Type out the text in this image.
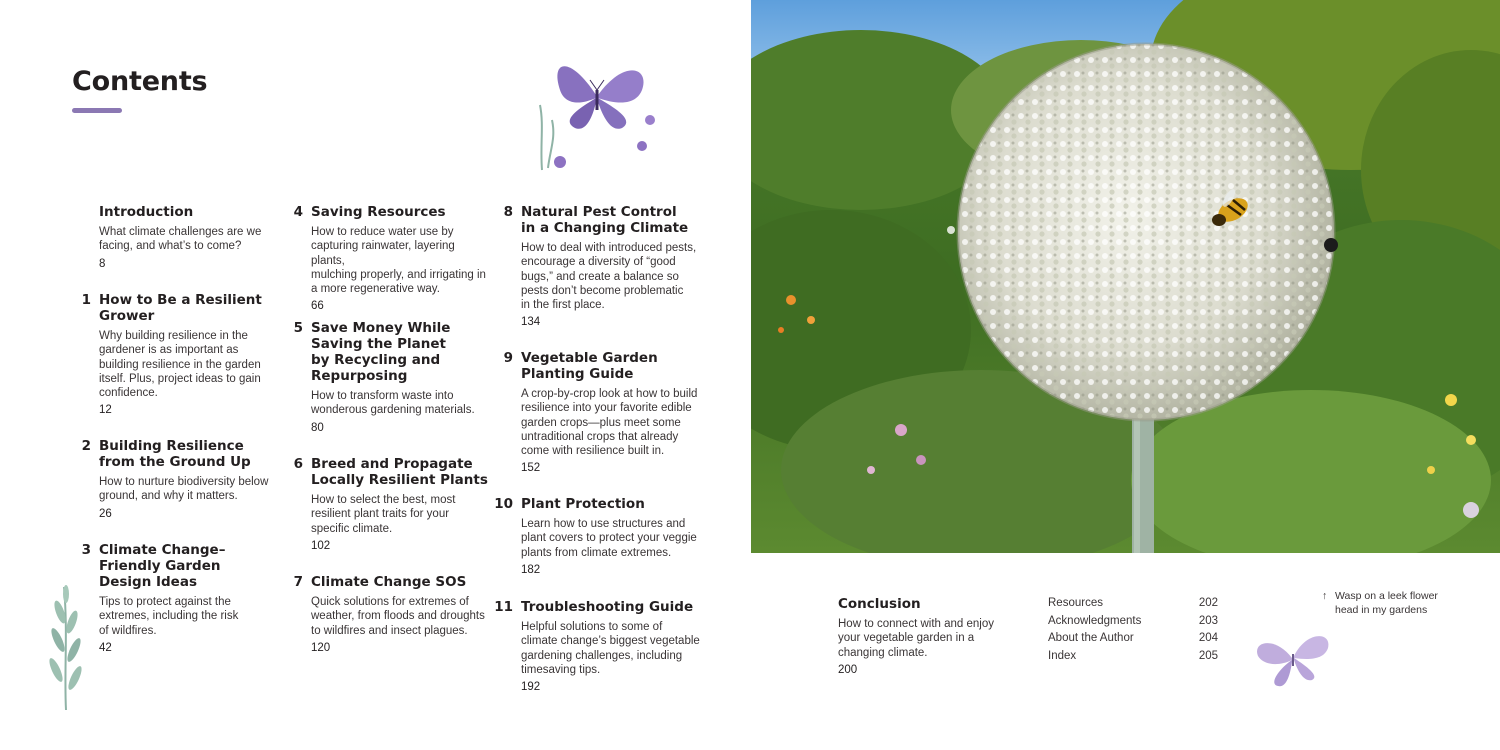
Contents
Introduction

What climate challenges are we
facing, and what’s to come?

8

1 How to Be a Resilient
Grower

Why building resilience in the
gardener is as important as
building resilience in the garden
itself. Plus, project ideas to gain
confidence.

12

2 Building Resilience
from the Ground Up

How to nurture biodiversity below
ground, and why it matters.

26

3 Climate Change–
Friendly Garden
Design Ideas

Tips to protect against the
extremes, including the risk
of wildfires.

42

4 Saving Resources

How to reduce water use by
capturing rainwater, layering plants,
mulching properly, and irrigating in
a more regenerative way.

66

5 Save Money While
Saving the Planet
by Recycling and
Repurposing

How to transform waste into
wonderous gardening materials.

80

6 Breed and Propagate
Locally Resilient Plants

How to select the best, most
resilient plant traits for your
specific climate.

102

7 Climate Change SOS

Quick solutions for extremes of
weather, from floods and droughts
to wildfires and insect plagues.

120

8 Natural Pest Control
in a Changing Climate

How to deal with introduced pests,
encourage a diversity of “good
bugs,” and create a balance so
pests don’t become problematic
in the first place.

134

9 Vegetable Garden
Planting Guide

A crop-by-crop look at how to build
resilience into your favorite edible
garden crops—plus meet some
untraditional crops that already
come with resilience built in.

152

10 Plant Protection

Learn how to use structures and
plant covers to protect your veggie
plants from climate extremes.

182

11 Troubleshooting Guide

Helpful solutions to some of
climate change’s biggest vegetable
gardening challenges, including
timesaving tips.

192

Conclusion

How to connect with and enjoy
your vegetable garden in a
changing climate.

200

Resources	202
Acknowledgments	203
About the Author	204
Index	205
↑ Wasp on a leek flower
head in my gardens
